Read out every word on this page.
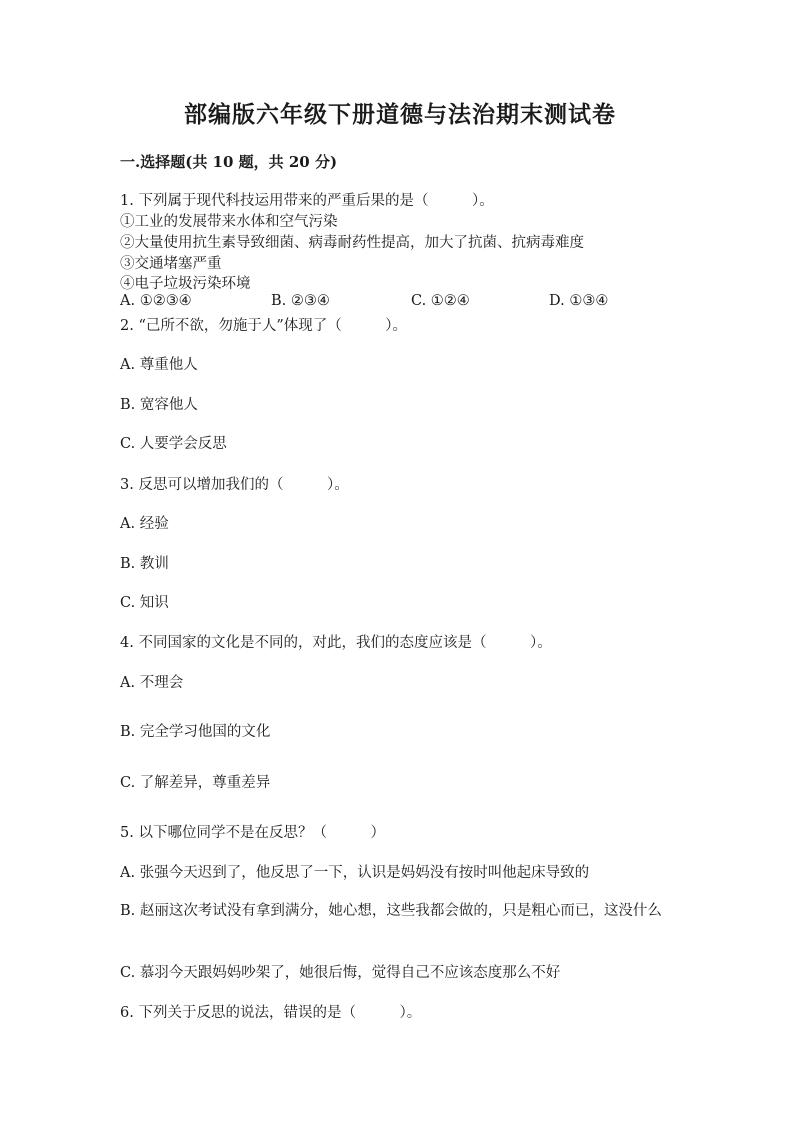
部编版六年级下册道德与法治期末测试卷
一.选择题(共 10 题，共 20 分)
1. 下列属于现代科技运用带来的严重后果的是（　　　）。
①工业的发展带来水体和空气污染
②大量使用抗生素导致细菌、病毒耐药性提高，加大了抗菌、抗病毒难度
③交通堵塞严重
④电子垃圾污染环境
A. ①②③④	B. ②③④	C. ①②④	D. ①③④
2. “己所不欲，勿施于人”体现了（　　　）。
A. 尊重他人
B. 宽容他人
C. 人要学会反思
3. 反思可以增加我们的（　　　）。
A. 经验
B. 教训
C. 知识
4. 不同国家的文化是不同的，对此，我们的态度应该是（　　　）。
A. 不理会
B. 完全学习他国的文化
C. 了解差异，尊重差异
5. 以下哪位同学不是在反思？（　　　）
A. 张强今天迟到了，他反思了一下，认识是妈妈没有按时叫他起床导致的
B. 赵丽这次考试没有拿到满分，她心想，这些我都会做的，只是粗心而已，这没什么
C. 慕羽今天跟妈妈吵架了，她很后悔，觉得自己不应该态度那么不好
6. 下列关于反思的说法，错误的是（　　　）。
